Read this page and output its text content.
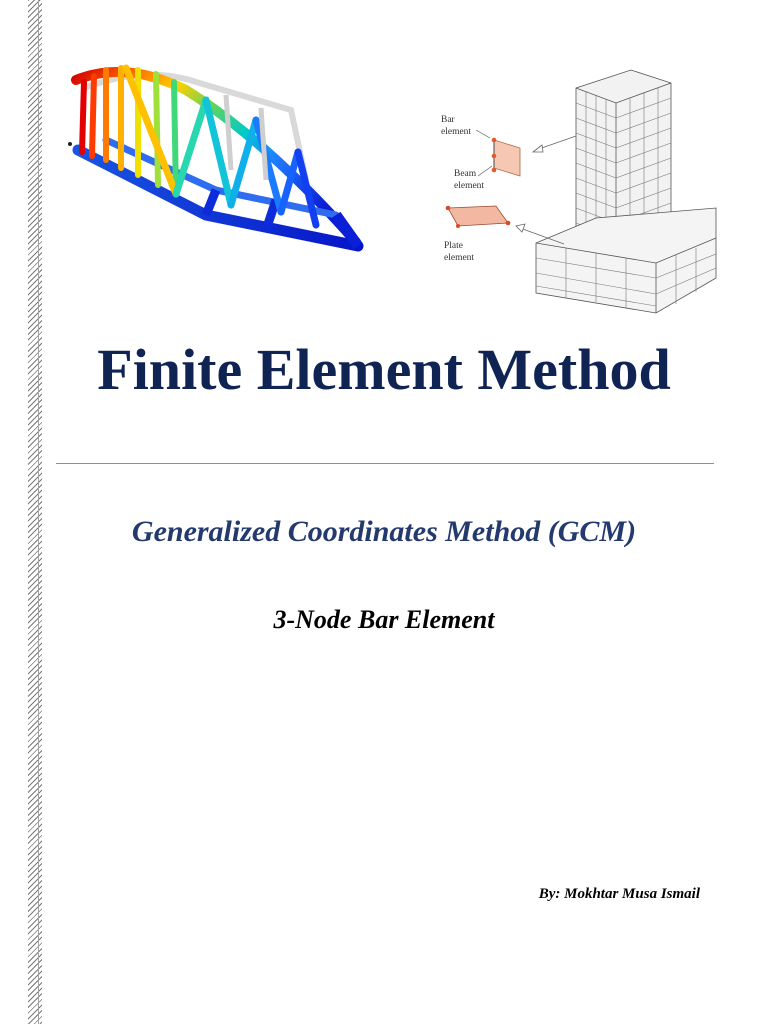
Bar
element
Beam
element
Plate
element
Finite Element Method
Generalized Coordinates Method (GCM)
3-Node Bar Element
By: Mokhtar Musa Ismail
